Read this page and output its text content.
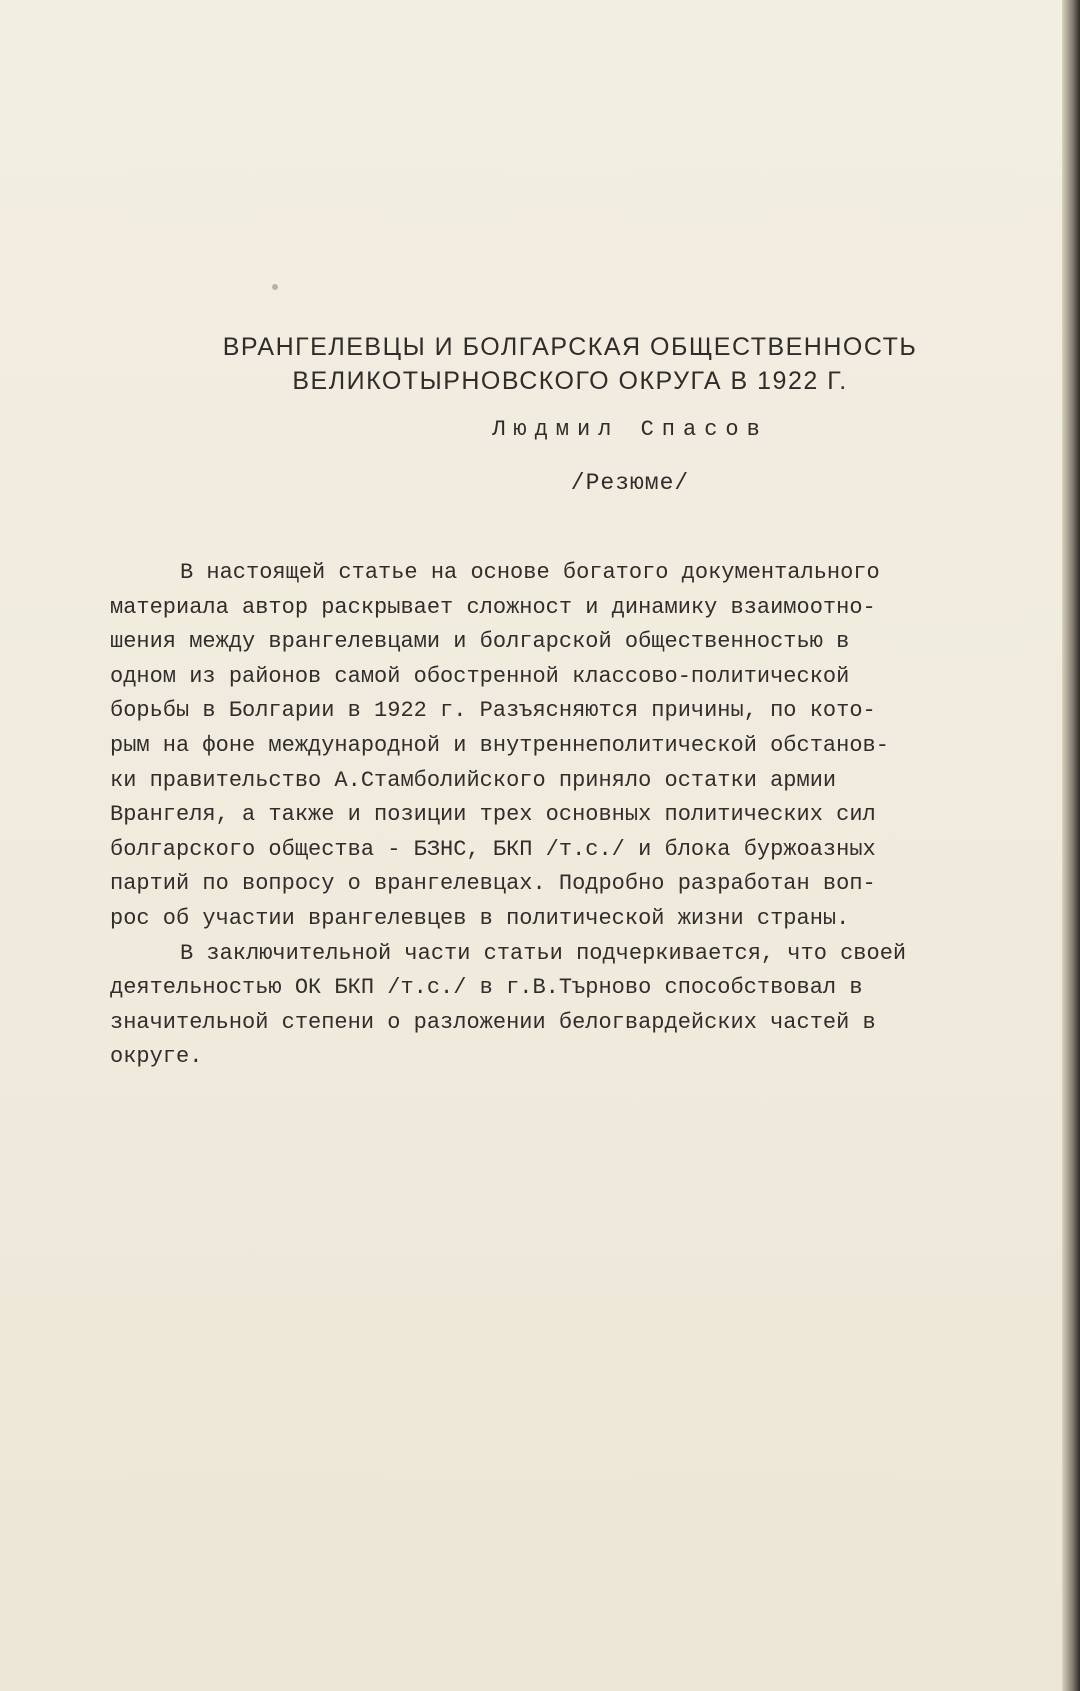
ВРАНГЕЛЕВЦЫ И БОЛГАРСКАЯ ОБЩЕСТВЕННОСТЬ
ВЕЛИКОТЫРНОВСКОГО ОКРУГА В 1922 Г.
Людмил Спасов
/Резюме/
В настоящей статье на основе богатого документального
материала автор раскрывает сложност и динамику взаимоотно-
шения между врангелевцами и болгарской общественностью в
одном из районов самой обостренной классово-политической
борьбы в Болгарии в 1922 г. Разъясняются причины, по кото-
рым на фоне международной и внутреннеполитической обстанов-
ки правительство А.Стамболийского приняло остатки армии
Врангеля, а также и позиции трех основных политических сил
болгарского общества - БЗНС, БКП /т.с./ и блока буржоазных
партий по вопросу о врангелевцах. Подробно разработан воп-
рос об участии врангелевцев в политической жизни страны.
В заключительной части статьи подчеркивается, что своей
деятельностью ОК БКП /т.с./ в г.В.Търново способствовал в
значительной степени о разложении белогвардейских частей в
округе.
